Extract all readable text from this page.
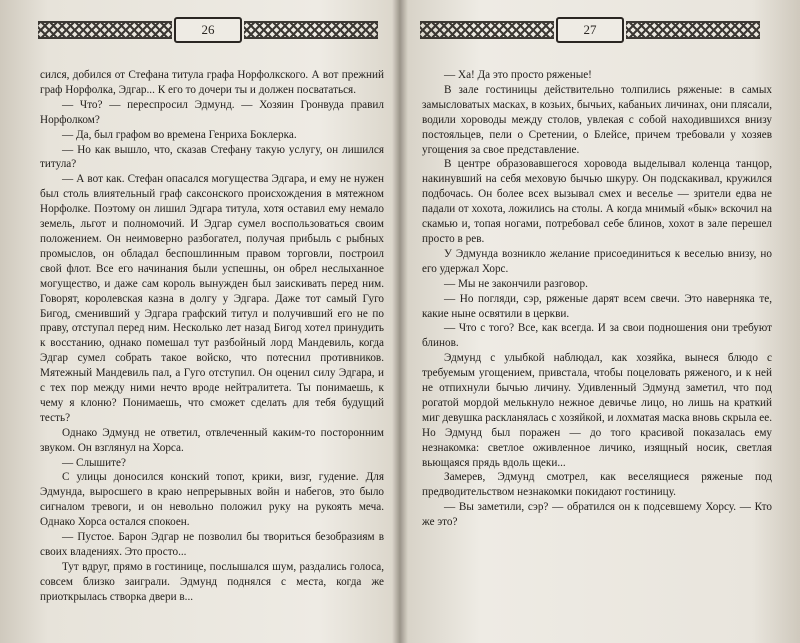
26

сился, добился от Стефана титула графа Норфолкского. А вот прежний граф Норфолка, Эдгар... К его то дочери ты и должен посвататься.

— Что? — переспросил Эдмунд. — Хозяин Гронвуда правил Норфолком?

— Да, был графом во времена Генриха Боклерка.

— Но как вышло, что, сказав Стефану такую услугу, он лишился титула?

— А вот как. Стефан опасался могущества Эдгара, и ему не нужен был столь влиятельный граф саксонского происхождения в мятежном Норфолке. Поэтому он лишил Эдгара титула, хотя оставил ему немало земель, льгот и полномочий. И Эдгар сумел воспользоваться своим положением. Он неимоверно разбогател, получая прибыль с рыбных промыслов, он обладал беспошлинным правом торговли, построил свой флот. Все его начинания были успешны, он обрел неслыханное могущество, и даже сам король вынужден был заискивать перед ним. Говорят, королевская казна в долгу у Эдгара. Даже тот самый Гуго Бигод, сменивший у Эдгара графский титул и получивший его не по праву, отступал перед ним. Несколько лет назад Бигод хотел принудить к восстанию, однако помешал тут разбойный лорд Мандевиль, когда Эдгар сумел собрать такое войско, что потеснил противников. Мятежный Мандевиль пал, а Гуго отступил. Он оценил силу Эдгара, и с тех пор между ними нечто вроде нейтралитета. Ты понимаешь, к чему я клоню? Понимаешь, что сможет сделать для тебя будущий тесть?

Однако Эдмунд не ответил, отвлеченный каким-то посторонним звуком. Он взглянул на Хорса.

— Слышите?

С улицы доносился конский топот, крики, визг, гудение. Для Эдмунда, выросшего в краю непрерывных войн и набегов, это было сигналом тревоги, и он невольно положил руку на рукоять меча. Однако Хорса остался спокоен.

— Пустое. Барон Эдгар не позволил бы твориться безобразиям в своих владениях. Это просто...

Тут вдруг, прямо в гостинице, послышался шум, раздались голоса, совсем близко заиграли. Эдмунд поднялся с места, когда же приоткрылась створка двери в...

27

— Ха! Да это просто ряженые!

В зале гостиницы действительно толпились ряженые: в самых замысловатых масках, в козьих, бычьих, кабаньих личинах, они плясали, водили хороводы между столов, увлекая с собой находившихся внизу постояльцев, пели о Сретении, о Блейсе, причем требовали у хозяев угощения за свое представление.

В центре образовавшегося хоровода выделывал коленца танцор, накинувший на себя меховую бычью шкуру. Он подскакивал, кружился подбочась. Он более всех вызывал смех и веселье — зрители едва не падали от хохота, ложились на столы. А когда мнимый «бык» вскочил на скамью и, топая ногами, потребовал себе блинов, хохот в зале перешел просто в рев.

У Эдмунда возникло желание присоединиться к веселью внизу, но его удержал Хорс.

— Мы не закончили разговор.

— Но погляди, сэр, ряженые дарят всем свечи. Это наверняка те, какие ныне освятили в церкви.

— Что с того? Все, как всегда. И за свои подношения они требуют блинов.

Эдмунд с улыбкой наблюдал, как хозяйка, вынеся блюдо с требуемым угощением, привстала, чтобы поцеловать ряженого, и к ней не отпихнули бычью личину. Удивленный Эдмунд заметил, что под рогатой мордой мелькнуло нежное девичье лицо, но лишь на краткий миг девушка раскланялась с хозяйкой, и лохматая маска вновь скрыла ее. Но Эдмунд был поражен — до того красивой показалась ему незнакомка: светлое оживленное личико, изящный носик, светлая вьющаяся прядь вдоль щеки...

Замерев, Эдмунд смотрел, как веселящиеся ряженые под предводительством незнакомки покидают гостиницу.

— Вы заметили, сэр? — обратился он к подсевшему Хорсу. — Кто же это?
